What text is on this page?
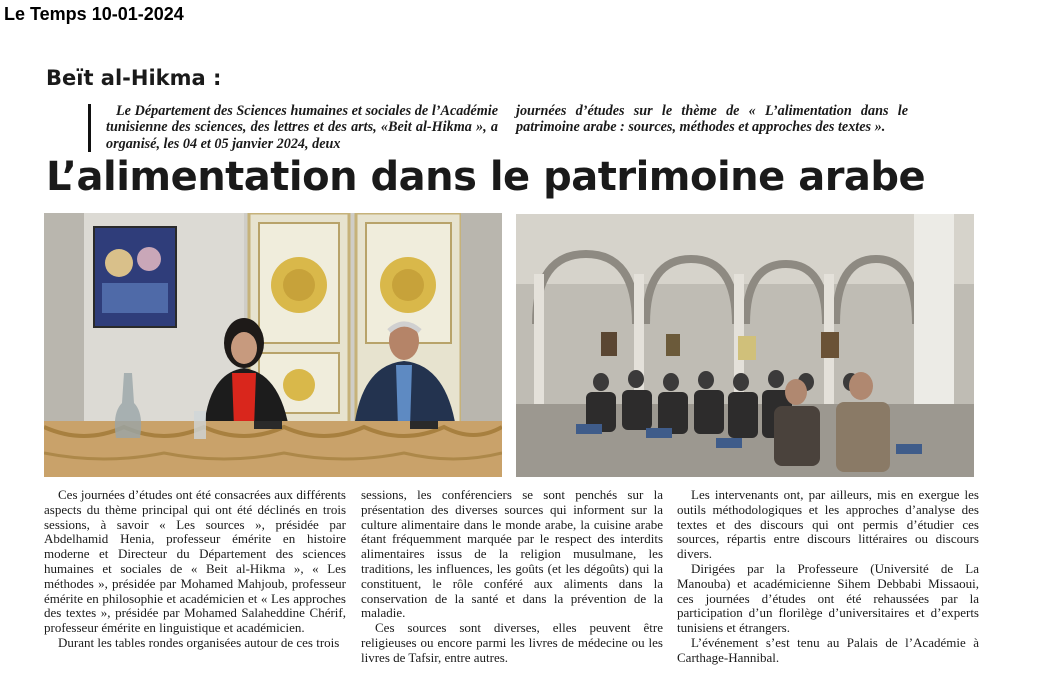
Le Temps 10-01-2024
Beït al-Hikma :
Le Département des Sciences humaines et sociales de l’Académie tunisienne des sciences, des lettres et des arts, «Beit al-Hikma », a organisé, les 04 et 05 janvier 2024, deux
journées d’études sur le thème de « L’alimentation dans le patrimoine arabe : sources, méthodes et approches des textes ».
L’alimentation dans le patrimoine arabe

Ces journées d’études ont été consacrées aux différents aspects du thème principal qui ont été déclinés en trois sessions, à savoir « Les sources », présidée par Abdelhamid Henia, professeur émérite en histoire moderne et Directeur du Département des sciences humaines et sociales de « Beit al-Hikma », « Les méthodes », présidée par Mohamed Mahjoub, professeur émérite en philosophie et académicien et « Les approches des textes », présidée par Mohamed Salaheddine Chérif, professeur émérite en linguistique et académicien.

Durant les tables rondes organisées autour de ces trois

sessions, les conférenciers se sont penchés sur la présentation des diverses sources qui informent sur la culture alimentaire dans le monde arabe, la cuisine arabe étant fréquemment marquée par le respect des interdits alimentaires issus de la religion musulmane, les traditions, les influences, les goûts (et les dégoûts) qui la constituent, le rôle conféré aux aliments dans la conservation de la santé et dans la prévention de la maladie.

Ces sources sont diverses, elles peuvent être religieuses ou encore parmi les livres de médecine ou les livres de Tafsir, entre autres.

Les intervenants ont, par ailleurs, mis en exergue les outils méthodologiques et les approches d’analyse des textes et des discours qui ont permis d’étudier ces sources, répartis entre discours littéraires ou discours divers.

Dirigées par la Professeure (Université de La Manouba) et académicienne Sihem Debbabi Missaoui, ces journées d’études ont été rehaussées par la participation d’un florilège d’universitaires et d’experts tunisiens et étrangers.

L’événement s’est tenu au Palais de l’Académie à Carthage-Hannibal.
